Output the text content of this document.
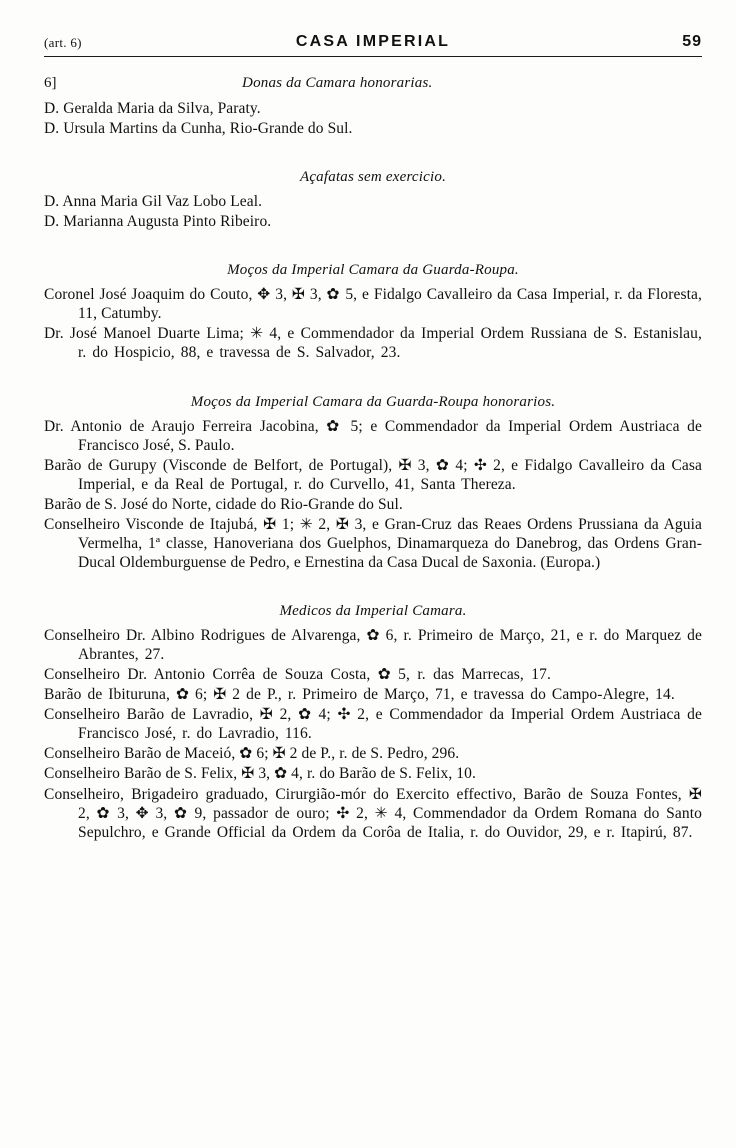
(art. 6)	CASA IMPERIAL	59
6]	Donas da Camara honorarias.

D. Geralda Maria da Silva, Paraty.

D. Ursula Martins da Cunha, Rio-Grande do Sul.

Açafatas sem exercicio.

D. Anna Maria Gil Vaz Lobo Leal.

D. Marianna Augusta Pinto Ribeiro.

Moços da Imperial Camara da Guarda-Roupa.

Coronel José Joaquim do Couto, ✥ 3, ✠ 3, ✿ 5, e Fidalgo Cavalleiro da Casa Imperial, r. da Floresta, 11, Catumby.

Dr. José Manoel Duarte Lima; ✳ 4, e Commendador da Imperial Ordem Russiana de S. Estanislau, r. do Hospicio, 88, e travessa de S. Salvador, 23.

Moços da Imperial Camara da Guarda-Roupa honorarios.

Dr. Antonio de Araujo Ferreira Jacobina, ✿ 5; e Commendador da Imperial Ordem Austriaca de Francisco José, S. Paulo.

Barão de Gurupy (Visconde de Belfort, de Portugal), ✠ 3, ✿ 4; ✣ 2, e Fidalgo Cavalleiro da Casa Imperial, e da Real de Portugal, r. do Curvello, 41, Santa Thereza.

Barão de S. José do Norte, cidade do Rio-Grande do Sul.

Conselheiro Visconde de Itajubá, ✠ 1; ✳ 2, ✠ 3, e Gran-Cruz das Reaes Ordens Prussiana da Aguia Vermelha, 1ª classe, Hanoveriana dos Guelphos, Dinamarqueza do Danebrog, das Ordens Gran-Ducal Oldemburguense de Pedro, e Ernestina da Casa Ducal de Saxonia. (Europa.)

Medicos da Imperial Camara.

Conselheiro Dr. Albino Rodrigues de Alvarenga, ✿ 6, r. Primeiro de Março, 21, e r. do Marquez de Abrantes, 27.

Conselheiro Dr. Antonio Corrêa de Souza Costa, ✿ 5, r. das Marrecas, 17.

Barão de Ibituruna, ✿ 6; ✠ 2 de P., r. Primeiro de Março, 71, e travessa do Campo-Alegre, 14.

Conselheiro Barão de Lavradio, ✠ 2, ✿ 4; ✣ 2, e Commendador da Imperial Ordem Austriaca de Francisco José, r. do Lavradio, 116.

Conselheiro Barão de Maceió, ✿ 6; ✠ 2 de P., r. de S. Pedro, 296.

Conselheiro Barão de S. Felix, ✠ 3, ✿ 4, r. do Barão de S. Felix, 10.

Conselheiro, Brigadeiro graduado, Cirurgião-mór do Exercito effectivo, Barão de Souza Fontes, ✠ 2, ✿ 3, ✥ 3, ✿ 9, passador de ouro; ✣ 2, ✳ 4, Commendador da Ordem Romana do Santo Sepulchro, e Grande Official da Ordem da Corôa de Italia, r. do Ouvidor, 29, e r. Itapirú, 87.
